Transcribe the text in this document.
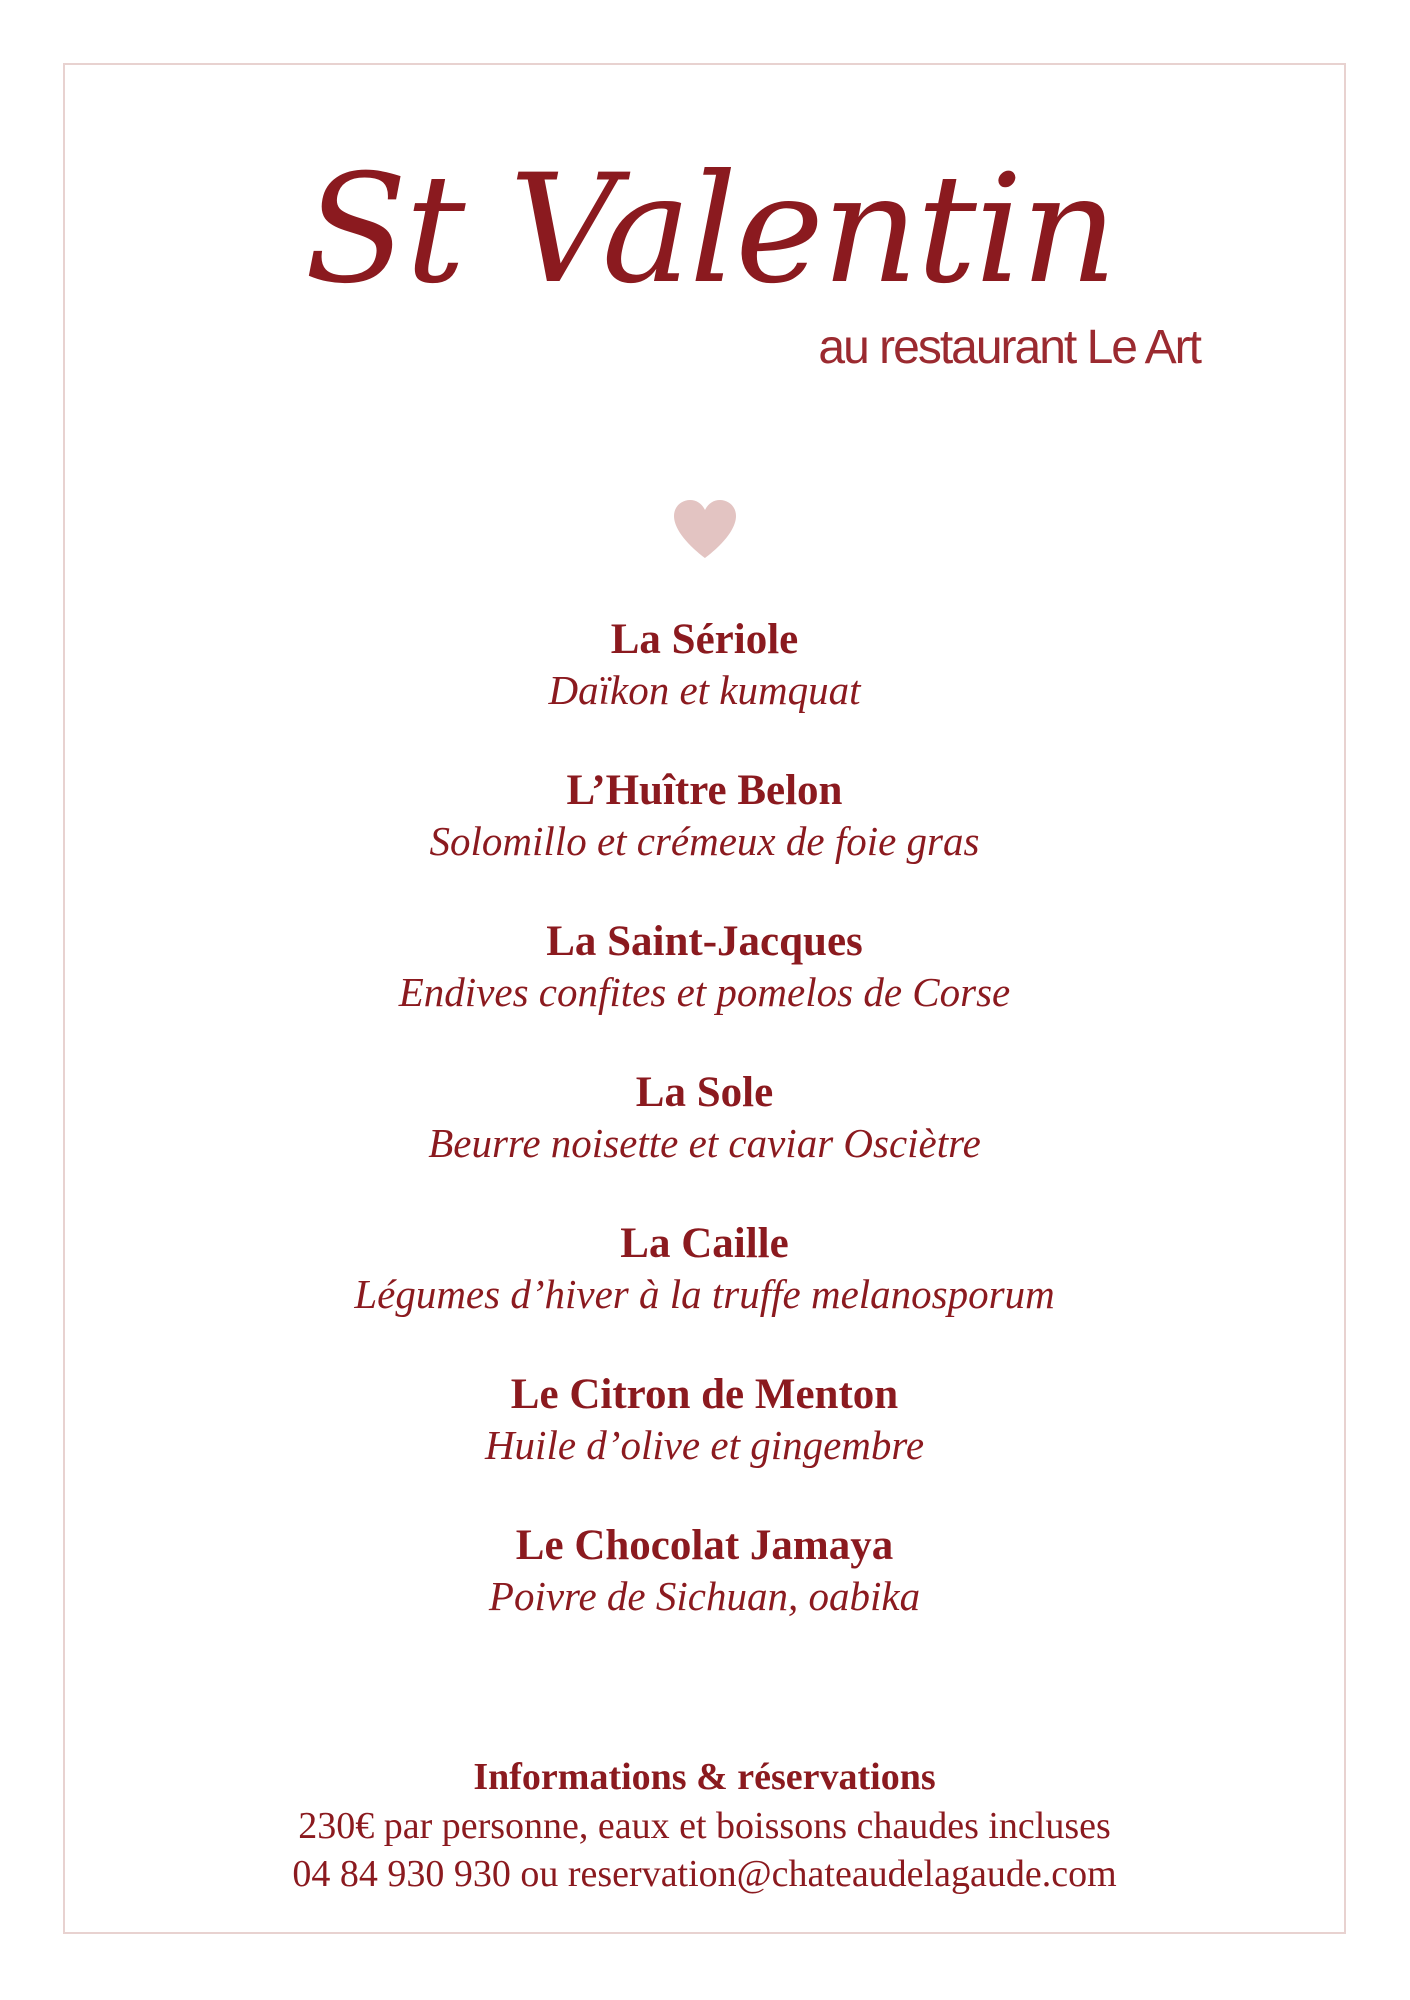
St Valentin
au restaurant Le Art
La Sériole
Daïkon et kumquat
L’Huître Belon
Solomillo et crémeux de foie gras
La Saint-Jacques
Endives confites et pomelos de Corse
La Sole
Beurre noisette et caviar Osciètre
La Caille
Légumes d’hiver à la truffe melanosporum
Le Citron de Menton
Huile d’olive et gingembre
Le Chocolat Jamaya
Poivre de Sichuan, oabika
Informations & réservations
230€ par personne, eaux et boissons chaudes incluses
04 84 930 930 ou reservation@chateaudelagaude.com
